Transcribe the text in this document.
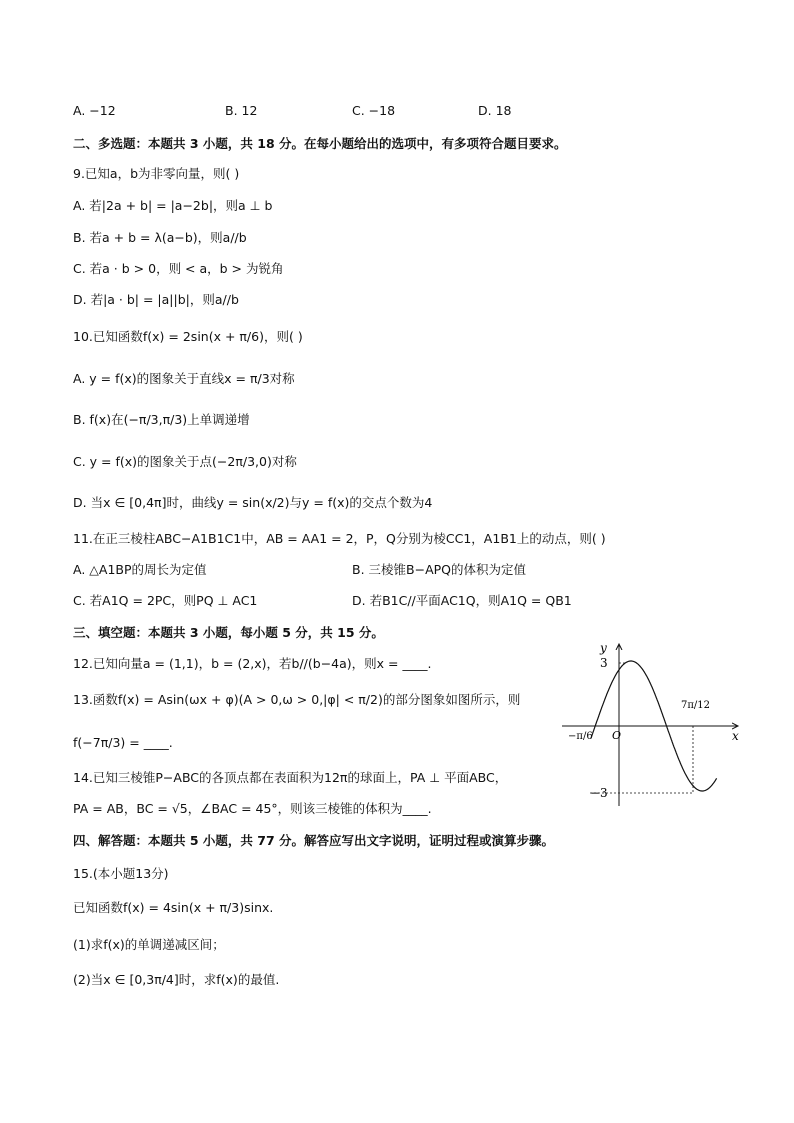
A. −12	B. 12	C. −18	D. 18
二、多选题：本题共 3 小题，共 18 分。在每小题给出的选项中，有多项符合题目要求。
9.已知a，b为非零向量，则( )
A. 若|2a + b| = |a−2b|，则a ⊥ b
B. 若a + b = λ(a−b)，则a//b
C. 若a · b > 0，则 < a，b > 为锐角
D. 若|a · b| = |a||b|，则a//b
10.已知函数f(x) = 2sin(x + π/6)，则( )
A. y = f(x)的图象关于直线x = π/3对称
B. f(x)在(−π/3,π/3)上单调递增
C. y = f(x)的图象关于点(−2π/3,0)对称
D. 当x ∈ [0,4π]时，曲线y = sin(x/2)与y = f(x)的交点个数为4
11.在正三棱柱ABC−A1B1C1中，AB = AA1 = 2，P，Q分别为棱CC1，A1B1上的动点，则( )
A. △A1BP的周长为定值	B. 三棱锥B−APQ的体积为定值
C. 若A1Q = 2PC，则PQ ⊥ AC1	D. 若B1C//平面AC1Q，则A1Q = QB1
三、填空题：本题共 3 小题，每小题 5 分，共 15 分。
12.已知向量a = (1,1)，b = (2,x)，若b//(b−4a)，则x = ____.
13.函数f(x) = Asin(ωx + φ)(A > 0,ω > 0,|φ| < π/2)的部分图象如图所示，则
f(−7π/3) = ____.
14.已知三棱锥P−ABC的各顶点都在表面积为12π的球面上，PA ⊥ 平面ABC，
PA = AB，BC = √5，∠BAC = 45°，则该三棱锥的体积为____.
四、解答题：本题共 5 小题，共 77 分。解答应写出文字说明，证明过程或演算步骤。
15.(本小题13分)
已知函数f(x) = 4sin(x + π/3)sinx.
(1)求f(x)的单调递减区间；
(2)当x ∈ [0,3π/4]时，求f(x)的最值.
y
x
O
3
−3
7π/12
−π/6
